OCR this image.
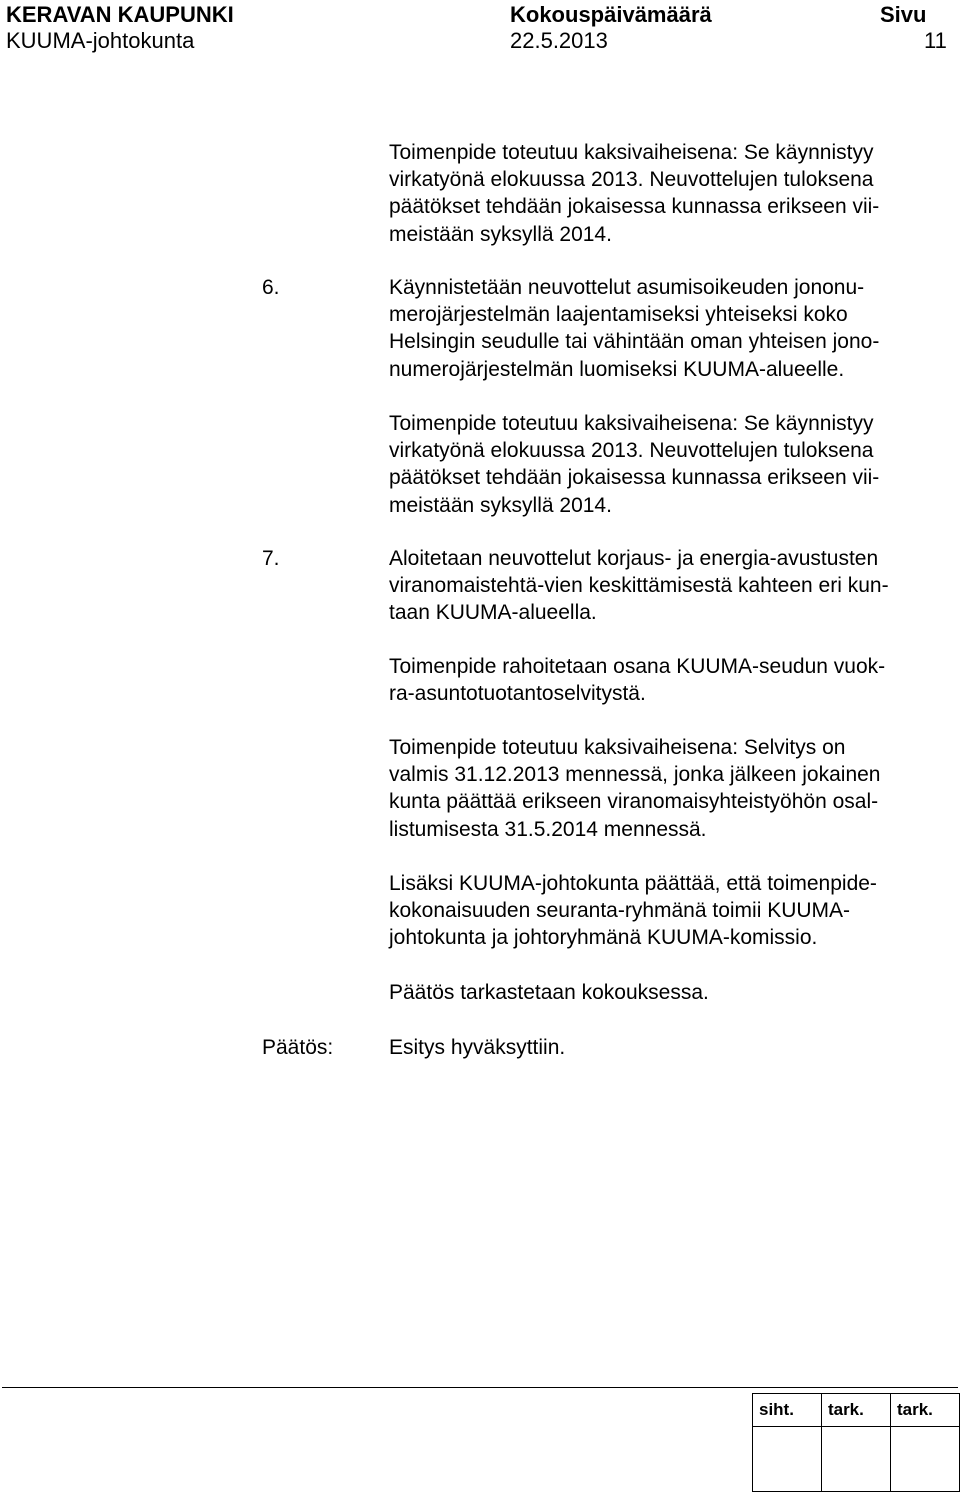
KERAVAN KAUPUNKI
KUUMA-johtokunta
Kokouspäivämäärä
22.5.2013
Sivu
11

Toimenpide toteutuu kaksivaiheisena: Se käynnistyy
virkatyönä elokuussa 2013. Neuvottelujen tuloksena
päätökset tehdään jokaisessa kunnassa erikseen vii-
meistään syksyllä 2014.

6.	Käynnistetään neuvottelut asumisoikeuden jononu-
merojärjestelmän laajentamiseksi yhteiseksi koko
Helsingin seudulle tai vähintään oman yhteisen jono-
numerojärjestelmän luomiseksi KUUMA-alueelle.

Toimenpide toteutuu kaksivaiheisena: Se käynnistyy
virkatyönä elokuussa 2013. Neuvottelujen tuloksena
päätökset tehdään jokaisessa kunnassa erikseen vii-
meistään syksyllä 2014.

7.	Aloitetaan neuvottelut korjaus- ja energia-avustusten
viranomaistehtä-vien keskittämisestä kahteen eri kun-
taan KUUMA-alueella.

Toimenpide rahoitetaan osana KUUMA-seudun vuok-
ra-asuntotuotantoselvitystä.

Toimenpide toteutuu kaksivaiheisena: Selvitys on
valmis 31.12.2013 mennessä, jonka jälkeen jokainen
kunta päättää erikseen viranomaisyhteistyöhön osal-
listumisesta 31.5.2014 mennessä.

Lisäksi KUUMA-johtokunta päättää, että toimenpide-
kokonaisuuden seuranta-ryhmänä toimii KUUMA-
johtokunta ja johtoryhmänä KUUMA-komissio.

Päätös tarkastetaan kokouksessa.

Päätös:	Esitys hyväksyttiin.

siht.	tark.	tark.
